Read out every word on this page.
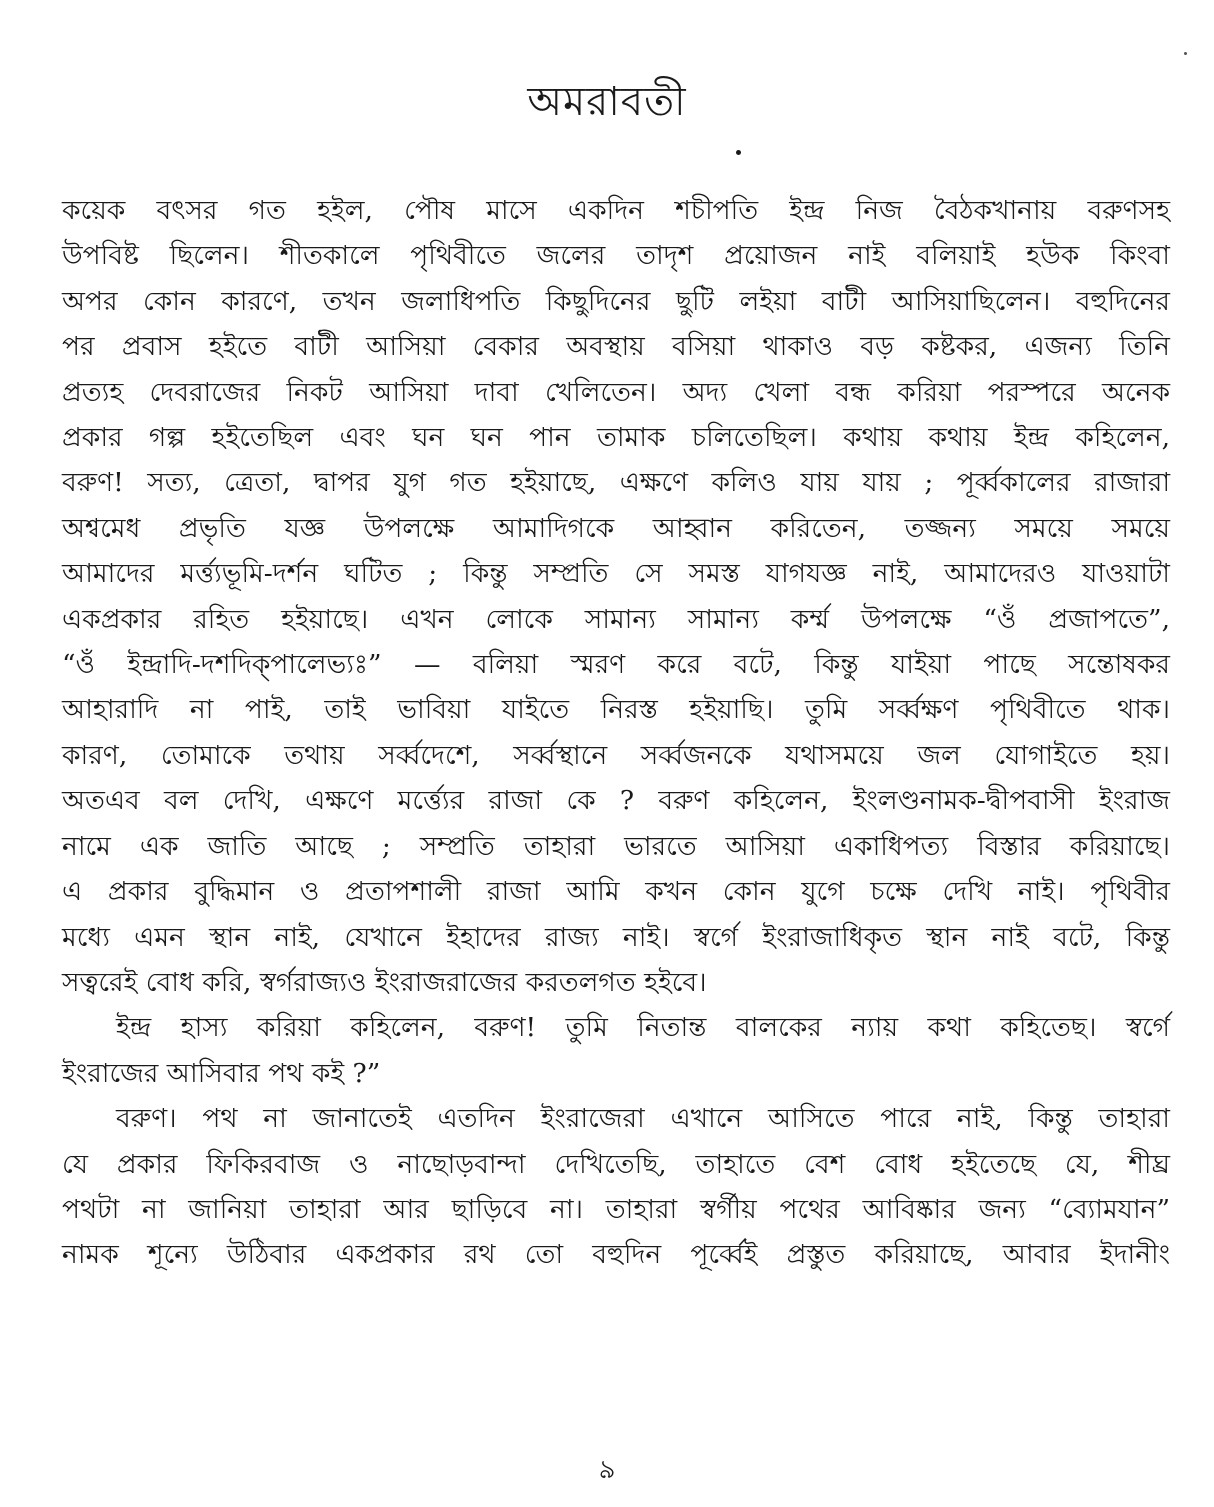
অমরাবতী

কয়েক বৎসর গত হইল, পৌষ মাসে একদিন শচীপতি ইন্দ্র নিজ বৈঠকখানায় বরুণসহ
উপবিষ্ট ছিলেন। শীতকালে পৃথিবীতে জলের তাদৃশ প্রয়োজন নাই বলিয়াই হউক কিংবা
অপর কোন কারণে, তখন জলাধিপতি কিছুদিনের ছুটি লইয়া বাটী আসিয়াছিলেন। বহুদিনের
পর প্রবাস হইতে বাটী আসিয়া বেকার অবস্থায় বসিয়া থাকাও বড় কষ্টকর, এজন্য তিনি
প্রত্যহ দেবরাজের নিকট আসিয়া দাবা খেলিতেন। অদ্য খেলা বন্ধ করিয়া পরস্পরে অনেক
প্রকার গল্প হইতেছিল এবং ঘন ঘন পান তামাক চলিতেছিল। কথায় কথায় ইন্দ্র কহিলেন,
বরুণ! সত্য, ত্রেতা, দ্বাপর যুগ গত হইয়াছে, এক্ষণে কলিও যায় যায় ; পূর্ব্বকালের রাজারা
অশ্বমেধ প্রভৃতি যজ্ঞ উপলক্ষে আমাদিগকে আহ্বান করিতেন, তজ্জন্য সময়ে সময়ে
আমাদের মর্ত্ত্যভূমি-দর্শন ঘটিত ; কিন্তু সম্প্রতি সে সমস্ত যাগযজ্ঞ নাই, আমাদেরও যাওয়াটা
একপ্রকার রহিত হইয়াছে। এখন লোকে সামান্য সামান্য কর্ম্ম উপলক্ষে “ওঁ প্রজাপতে”,
“ওঁ ইন্দ্রাদি-দশদিক্‌পালেভ্যঃ” — বলিয়া স্মরণ করে বটে, কিন্তু যাইয়া পাছে সন্তোষকর
আহারাদি না পাই, তাই ভাবিয়া যাইতে নিরস্ত হইয়াছি। তুমি সর্ব্বক্ষণ পৃথিবীতে থাক।
কারণ, তোমাকে তথায় সর্ব্বদেশে, সর্ব্বস্থানে সর্ব্বজনকে যথাসময়ে জল যোগাইতে হয়।
অতএব বল দেখি, এক্ষণে মর্ত্ত্যের রাজা কে ? বরুণ কহিলেন, ইংলণ্ডনামক-দ্বীপবাসী ইংরাজ
নামে এক জাতি আছে ; সম্প্রতি তাহারা ভারতে আসিয়া একাধিপত্য বিস্তার করিয়াছে।
এ প্রকার বুদ্ধিমান ও প্রতাপশালী রাজা আমি কখন কোন যুগে চক্ষে দেখি নাই। পৃথিবীর
মধ্যে এমন স্থান নাই, যেখানে ইহাদের রাজ্য নাই। স্বর্গে ইংরাজাধিকৃত স্থান নাই বটে, কিন্তু
সত্বরেই বোধ করি, স্বর্গরাজ্যও ইংরাজরাজের করতলগত হইবে।

ইন্দ্র হাস্য করিয়া কহিলেন, বরুণ! তুমি নিতান্ত বালকের ন্যায় কথা কহিতেছ। স্বর্গে
ইংরাজের আসিবার পথ কই ?”

বরুণ। পথ না জানাতেই এতদিন ইংরাজেরা এখানে আসিতে পারে নাই, কিন্তু তাহারা
যে প্রকার ফিকিরবাজ ও নাছোড়বান্দা দেখিতেছি, তাহাতে বেশ বোধ হইতেছে যে, শীঘ্র
পথটা না জানিয়া তাহারা আর ছাড়িবে না। তাহারা স্বর্গীয় পথের আবিষ্কার জন্য “ব্যোমযান”
নামক শূন্যে উঠিবার একপ্রকার রথ তো বহুদিন পূর্ব্বেই প্রস্তুত করিয়াছে, আবার ইদানীং

৯
